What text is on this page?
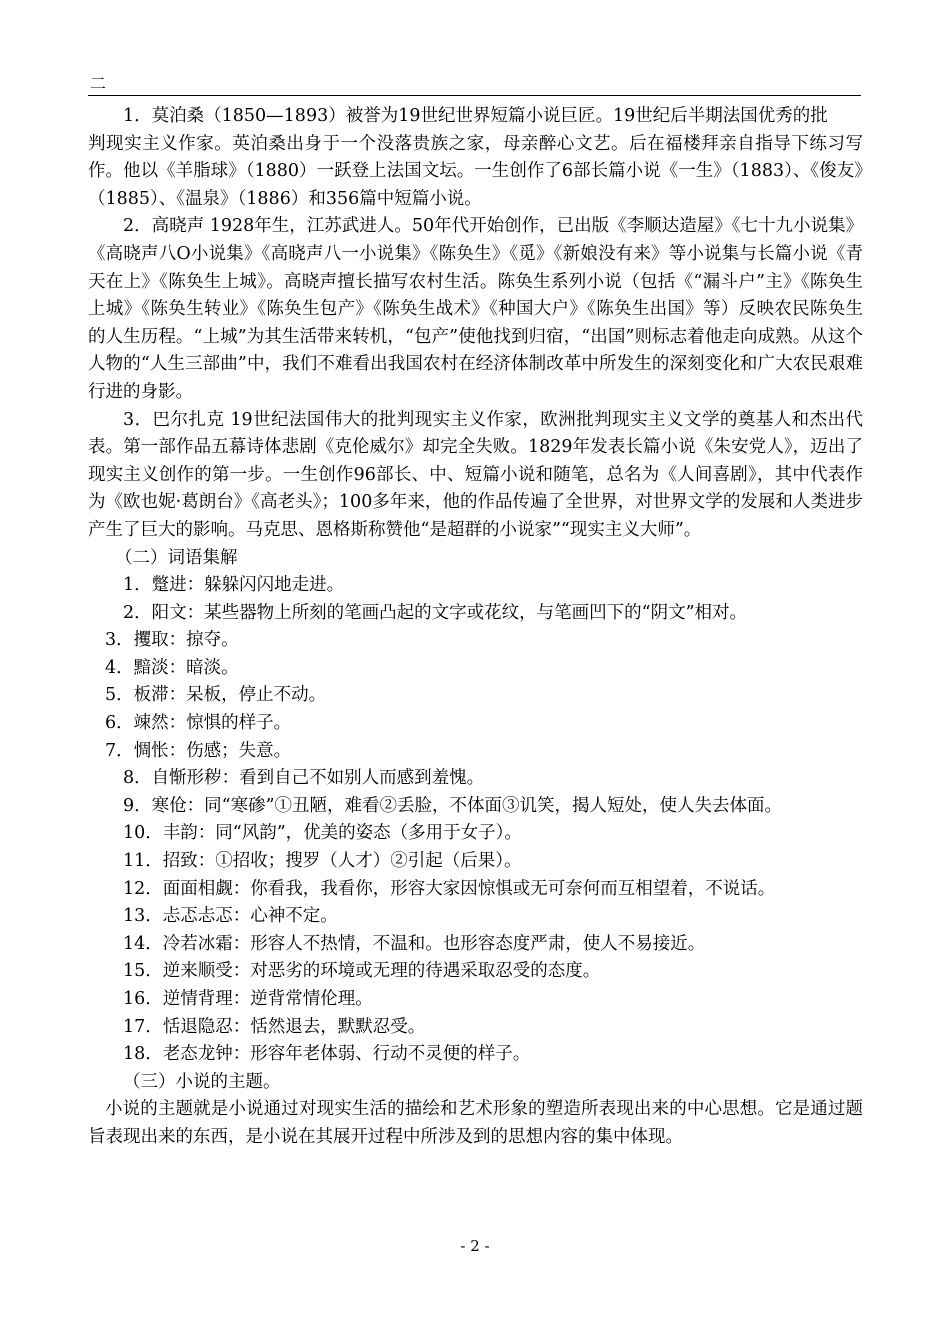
二

1．莫泊桑（1850—1893）被誉为19世纪世界短篇小说巨匠。19世纪后半期法国优秀的批

判现实主义作家。英泊桑出身于一个没落贵族之家，母亲醉心文艺。后在福楼拜亲自指导下练习写作。他以《羊脂球》（1880）一跃登上法国文坛。一生创作了6部长篇小说《一生》（1883）、《俊友》（1885）、《温泉》（1886）和356篇中短篇小说。

2．高晓声 1928年生，江苏武进人。50年代开始创作，已出版《李顺达造屋》《七十九小说集》《高晓声八O小说集》《高晓声八一小说集》《陈奂生》《觅》《新娘没有来》等小说集与长篇小说《青天在上》《陈奂生上城》。高晓声擅长描写农村生活。陈奂生系列小说（包括《“漏斗户”主》《陈奂生上城》《陈奂生转业》《陈奂生包产》《陈奂生战术》《种国大户》《陈奂生出国》等）反映农民陈奂生的人生历程。“上城”为其生活带来转机，“包产”使他找到归宿，“出国”则标志着他走向成熟。从这个人物的“人生三部曲”中，我们不难看出我国农村在经济体制改革中所发生的深刻变化和广大农民艰难行进的身影。

3．巴尔扎克 19世纪法国伟大的批判现实主义作家，欧洲批判现实主义文学的奠基人和杰出代表。第一部作品五幕诗体悲剧《克伦威尔》却完全失败。1829年发表长篇小说《朱安党人》，迈出了现实主义创作的第一步。一生创作96部长、中、短篇小说和随笔，总名为《人间喜剧》，其中代表作为《欧也妮·葛朗台》《高老头》；100多年来，他的作品传遍了全世界，对世界文学的发展和人类进步产生了巨大的影响。马克思、恩格斯称赞他“是超群的小说家”“现实主义大师”。

（二）词语集解

1．蹩进：躲躲闪闪地走进。

2．阳文：某些器物上所刻的笔画凸起的文字或花纹，与笔画凹下的“阴文”相对。

3．攫取：掠夺。

4．黯淡：暗淡。

5．板滞：呆板，停止不动。

6．竦然：惊惧的样子。

7．惆怅：伤感；失意。

8．自惭形秽：看到自己不如别人而感到羞愧。

9．寒伧：同“寒碜”①丑陋，难看②丢脸，不体面③讥笑，揭人短处，使人失去体面。

10．丰韵：同“风韵”，优美的姿态（多用于女子）。

11．招致：①招收；搜罗（人才）②引起（后果）。

12．面面相觑：你看我，我看你，形容大家因惊惧或无可奈何而互相望着，不说话。

13．忐忑忐忑：心神不定。

14．冷若冰霜：形容人不热情，不温和。也形容态度严肃，使人不易接近。

15．逆来顺受：对恶劣的环境或无理的待遇采取忍受的态度。

16．逆情背理：逆背常情伦理。

17．恬退隐忍：恬然退去，默默忍受。

18．老态龙钟：形容年老体弱、行动不灵便的样子。

（三）小说的主题。

小说的主题就是小说通过对现实生活的描绘和艺术形象的塑造所表现出来的中心思想。它是通过题旨表现出来的东西，是小说在其展开过程中所涉及到的思想内容的集中体现。

- 2 -
